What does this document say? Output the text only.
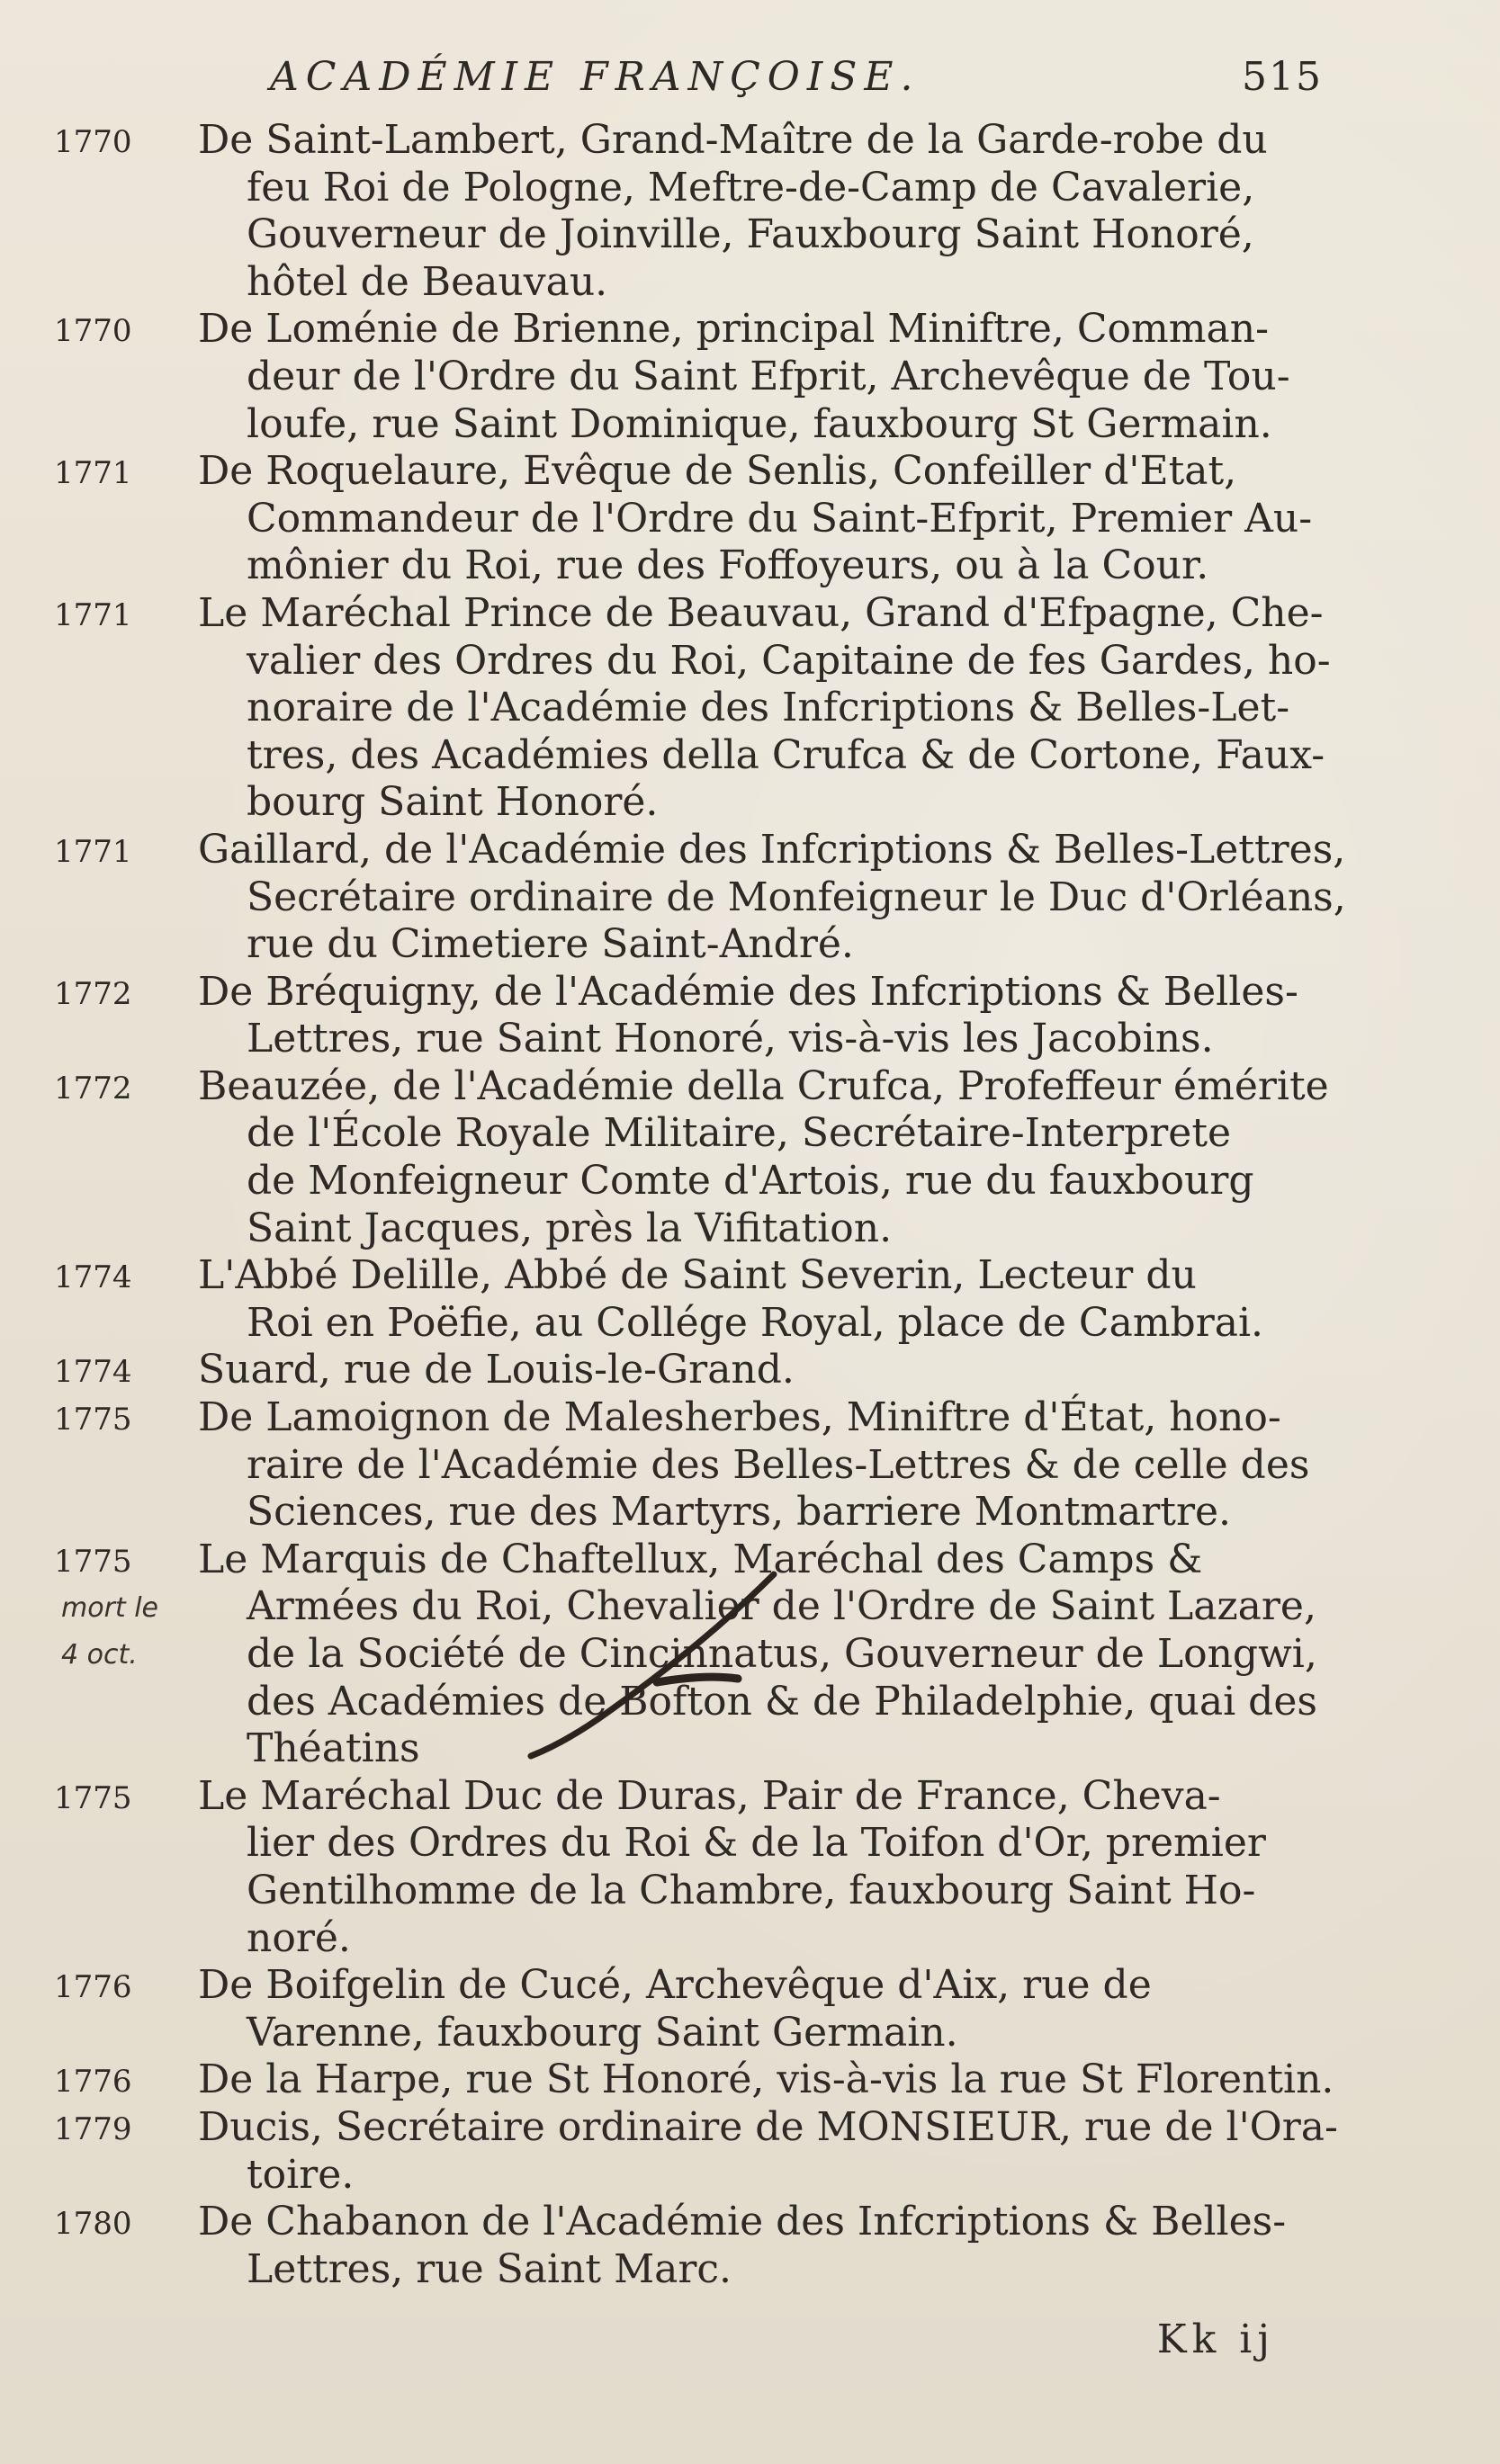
ACADÉMIE FRANÇOISE.	515
1770	De Saint-Lambert, Grand-Maître de la Garde-robe du
feu Roi de Pologne, Meftre-de-Camp de Cavalerie,
Gouverneur de Joinville, Fauxbourg Saint Honoré,
hôtel de Beauvau.
1770	De Loménie de Brienne, principal Miniftre, Comman-
deur de l'Ordre du Saint Efprit, Archevêque de Tou-
loufe, rue Saint Dominique, fauxbourg St Germain.
1771	De Roquelaure, Evêque de Senlis, Confeiller d'Etat,
Commandeur de l'Ordre du Saint-Efprit, Premier Au-
mônier du Roi, rue des Foffoyeurs, ou à la Cour.
1771	Le Maréchal Prince de Beauvau, Grand d'Efpagne, Che-
valier des Ordres du Roi, Capitaine de fes Gardes, ho-
noraire de l'Académie des Infcriptions & Belles-Let-
tres, des Académies della Crufca & de Cortone, Faux-
bourg Saint Honoré.
1771	Gaillard, de l'Académie des Infcriptions & Belles-Lettres,
Secrétaire ordinaire de Monfeigneur le Duc d'Orléans,
rue du Cimetiere Saint-André.
1772	De Bréquigny, de l'Académie des Infcriptions & Belles-
Lettres, rue Saint Honoré, vis-à-vis les Jacobins.
1772	Beauzée, de l'Académie della Crufca, Profeffeur émérite
de l'École Royale Militaire, Secrétaire-Interprete
de Monfeigneur Comte d'Artois, rue du fauxbourg
Saint Jacques, près la Vifitation.
1774	L'Abbé Delille, Abbé de Saint Severin, Lecteur du
Roi en Poëfie, au Collége Royal, place de Cambrai.
1774	Suard, rue de Louis-le-Grand.
1775	De Lamoignon de Malesherbes, Miniftre d'État, hono-
raire de l'Académie des Belles-Lettres & de celle des
Sciences, rue des Martyrs, barriere Montmartre.
1775
mort le
4 oct.
Le Marquis de Chaftellux, Maréchal des Camps &
Armées du Roi, Chevalier de l'Ordre de Saint Lazare,
de la Société de Cincinnatus, Gouverneur de Longwi,
des Académies de Bofton & de Philadelphie, quai des
Théatins
1775	Le Maréchal Duc de Duras, Pair de France, Cheva-
lier des Ordres du Roi & de la Toifon d'Or, premier
Gentilhomme de la Chambre, fauxbourg Saint Ho-
noré.
1776	De Boifgelin de Cucé, Archevêque d'Aix, rue de
Varenne, fauxbourg Saint Germain.
1776	De la Harpe, rue St Honoré, vis-à-vis la rue St Florentin.
1779	Ducis, Secrétaire ordinaire de MONSIEUR, rue de l'Ora-
toire.
1780	De Chabanon de l'Académie des Infcriptions & Belles-
Lettres, rue Saint Marc.
Kk ij
